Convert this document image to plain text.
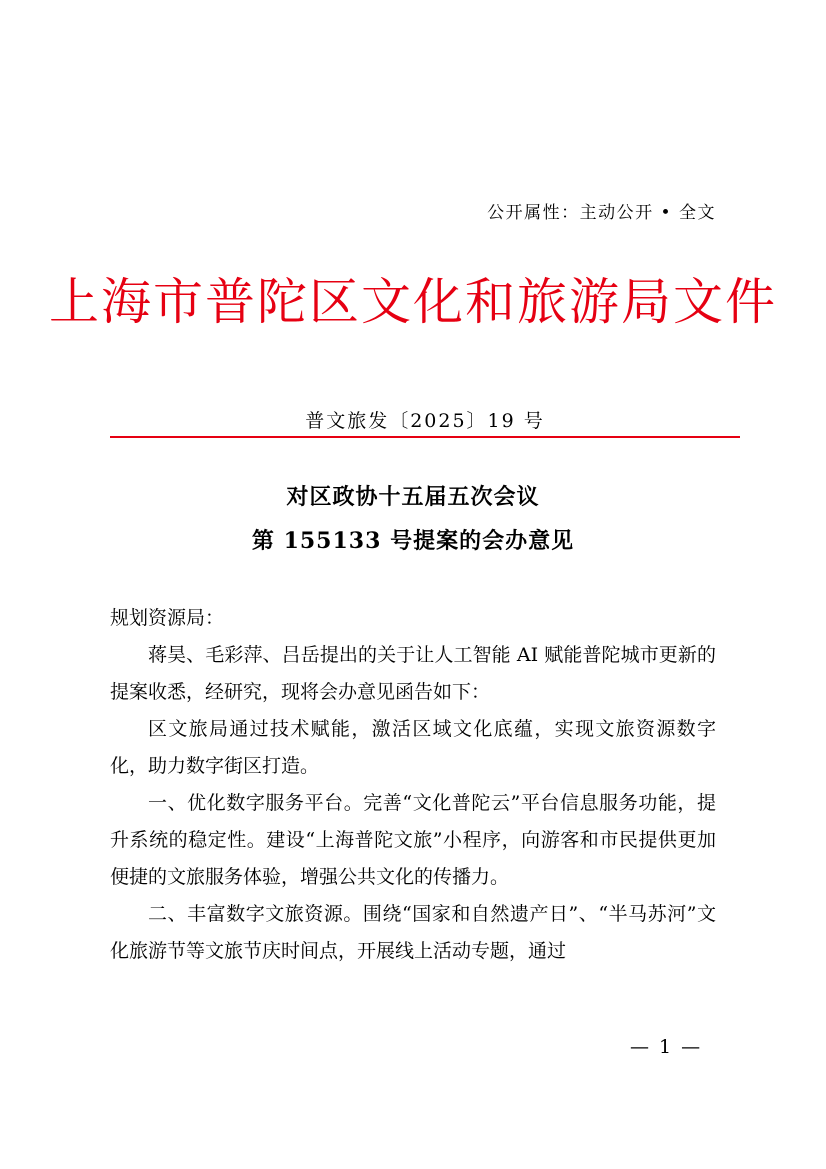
公开属性：主动公开 • 全文
上海市普陀区文化和旅游局文件
普文旅发〔2025〕19 号
对区政协十五届五次会议
第 155133 号提案的会办意见

规划资源局：

蒋昊、毛彩萍、吕岳提出的关于让人工智能 AI 赋能普陀城市更新的提案收悉，经研究，现将会办意见函告如下：

区文旅局通过技术赋能，激活区域文化底蕴，实现文旅资源数字化，助力数字街区打造。

一、优化数字服务平台。完善“文化普陀云”平台信息服务功能，提升系统的稳定性。建设“上海普陀文旅”小程序，向游客和市民提供更加便捷的文旅服务体验，增强公共文化的传播力。

二、丰富数字文旅资源。围绕“国家和自然遗产日”、“半马苏河”文化旅游节等文旅节庆时间点，开展线上活动专题，通过

— 1 —
